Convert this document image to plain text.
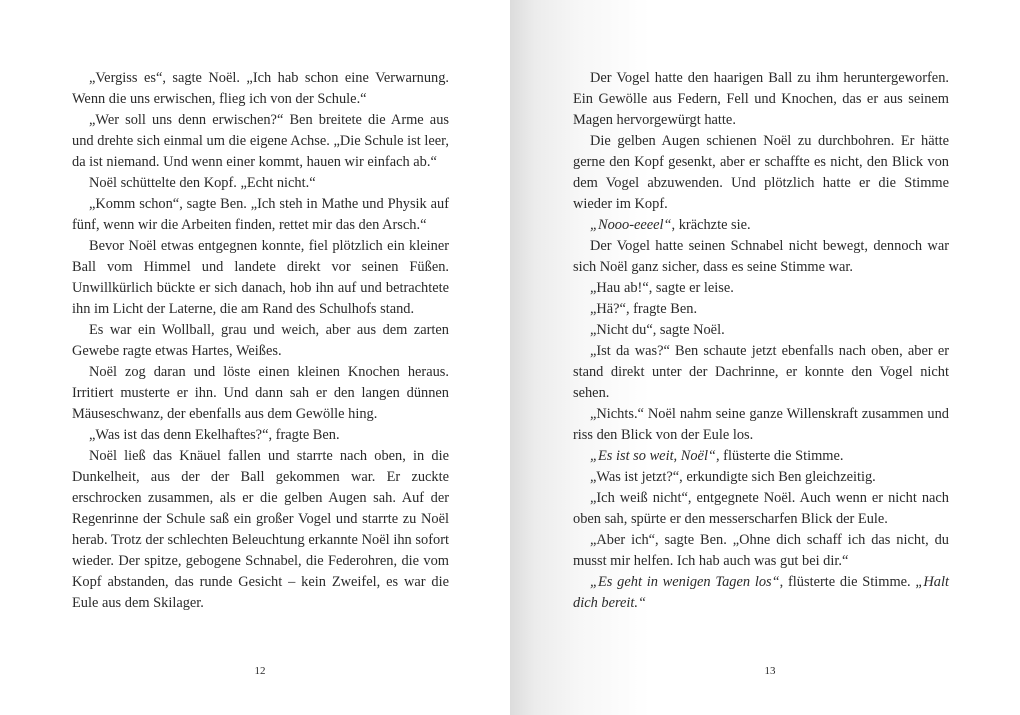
„Vergiss es“, sagte Noël. „Ich hab schon eine Verwarnung. Wenn die uns erwischen, flieg ich von der Schule.“

„Wer soll uns denn erwischen?“ Ben breitete die Arme aus und drehte sich einmal um die eigene Achse. „Die Schule ist leer, da ist niemand. Und wenn einer kommt, hauen wir einfach ab.“

Noël schüttelte den Kopf. „Echt nicht.“

„Komm schon“, sagte Ben. „Ich steh in Mathe und Physik auf fünf, wenn wir die Arbeiten finden, rettet mir das den Arsch.“

Bevor Noël etwas entgegnen konnte, fiel plötzlich ein kleiner Ball vom Himmel und landete direkt vor seinen Füßen. Unwillkürlich bückte er sich danach, hob ihn auf und betrachtete ihn im Licht der Laterne, die am Rand des Schulhofs stand.

Es war ein Wollball, grau und weich, aber aus dem zarten Gewebe ragte etwas Hartes, Weißes.

Noël zog daran und löste einen kleinen Knochen heraus. Irritiert musterte er ihn. Und dann sah er den langen dünnen Mäuseschwanz, der ebenfalls aus dem Gewölle hing.

„Was ist das denn Ekelhaftes?“, fragte Ben.

Noël ließ das Knäuel fallen und starrte nach oben, in die Dunkelheit, aus der der Ball gekommen war. Er zuckte erschrocken zusammen, als er die gelben Augen sah. Auf der Regenrinne der Schule saß ein großer Vogel und starrte zu Noël herab. Trotz der schlechten Beleuchtung erkannte Noël ihn sofort wieder. Der spitze, gebogene Schnabel, die Federohren, die vom Kopf abstanden, das runde Gesicht – kein Zweifel, es war die Eule aus dem Skilager.

12

Der Vogel hatte den haarigen Ball zu ihm heruntergeworfen. Ein Gewölle aus Federn, Fell und Knochen, das er aus seinem Magen hervorgewürgt hatte.

Die gelben Augen schienen Noël zu durchbohren. Er hätte gerne den Kopf gesenkt, aber er schaffte es nicht, den Blick von dem Vogel abzuwenden. Und plötzlich hatte er die Stimme wieder im Kopf.

„Nooo-eeeel“, krächzte sie.

Der Vogel hatte seinen Schnabel nicht bewegt, dennoch war sich Noël ganz sicher, dass es seine Stimme war.

„Hau ab!“, sagte er leise.

„Hä?“, fragte Ben.

„Nicht du“, sagte Noël.

„Ist da was?“ Ben schaute jetzt ebenfalls nach oben, aber er stand direkt unter der Dachrinne, er konnte den Vogel nicht sehen.

„Nichts.“ Noël nahm seine ganze Willenskraft zusammen und riss den Blick von der Eule los.

„Es ist so weit, Noël“, flüsterte die Stimme.

„Was ist jetzt?“, erkundigte sich Ben gleichzeitig.

„Ich weiß nicht“, entgegnete Noël. Auch wenn er nicht nach oben sah, spürte er den messerscharfen Blick der Eule.

„Aber ich“, sagte Ben. „Ohne dich schaff ich das nicht, du musst mir helfen. Ich hab auch was gut bei dir.“

„Es geht in wenigen Tagen los“, flüsterte die Stimme. „Halt dich bereit.“

13
